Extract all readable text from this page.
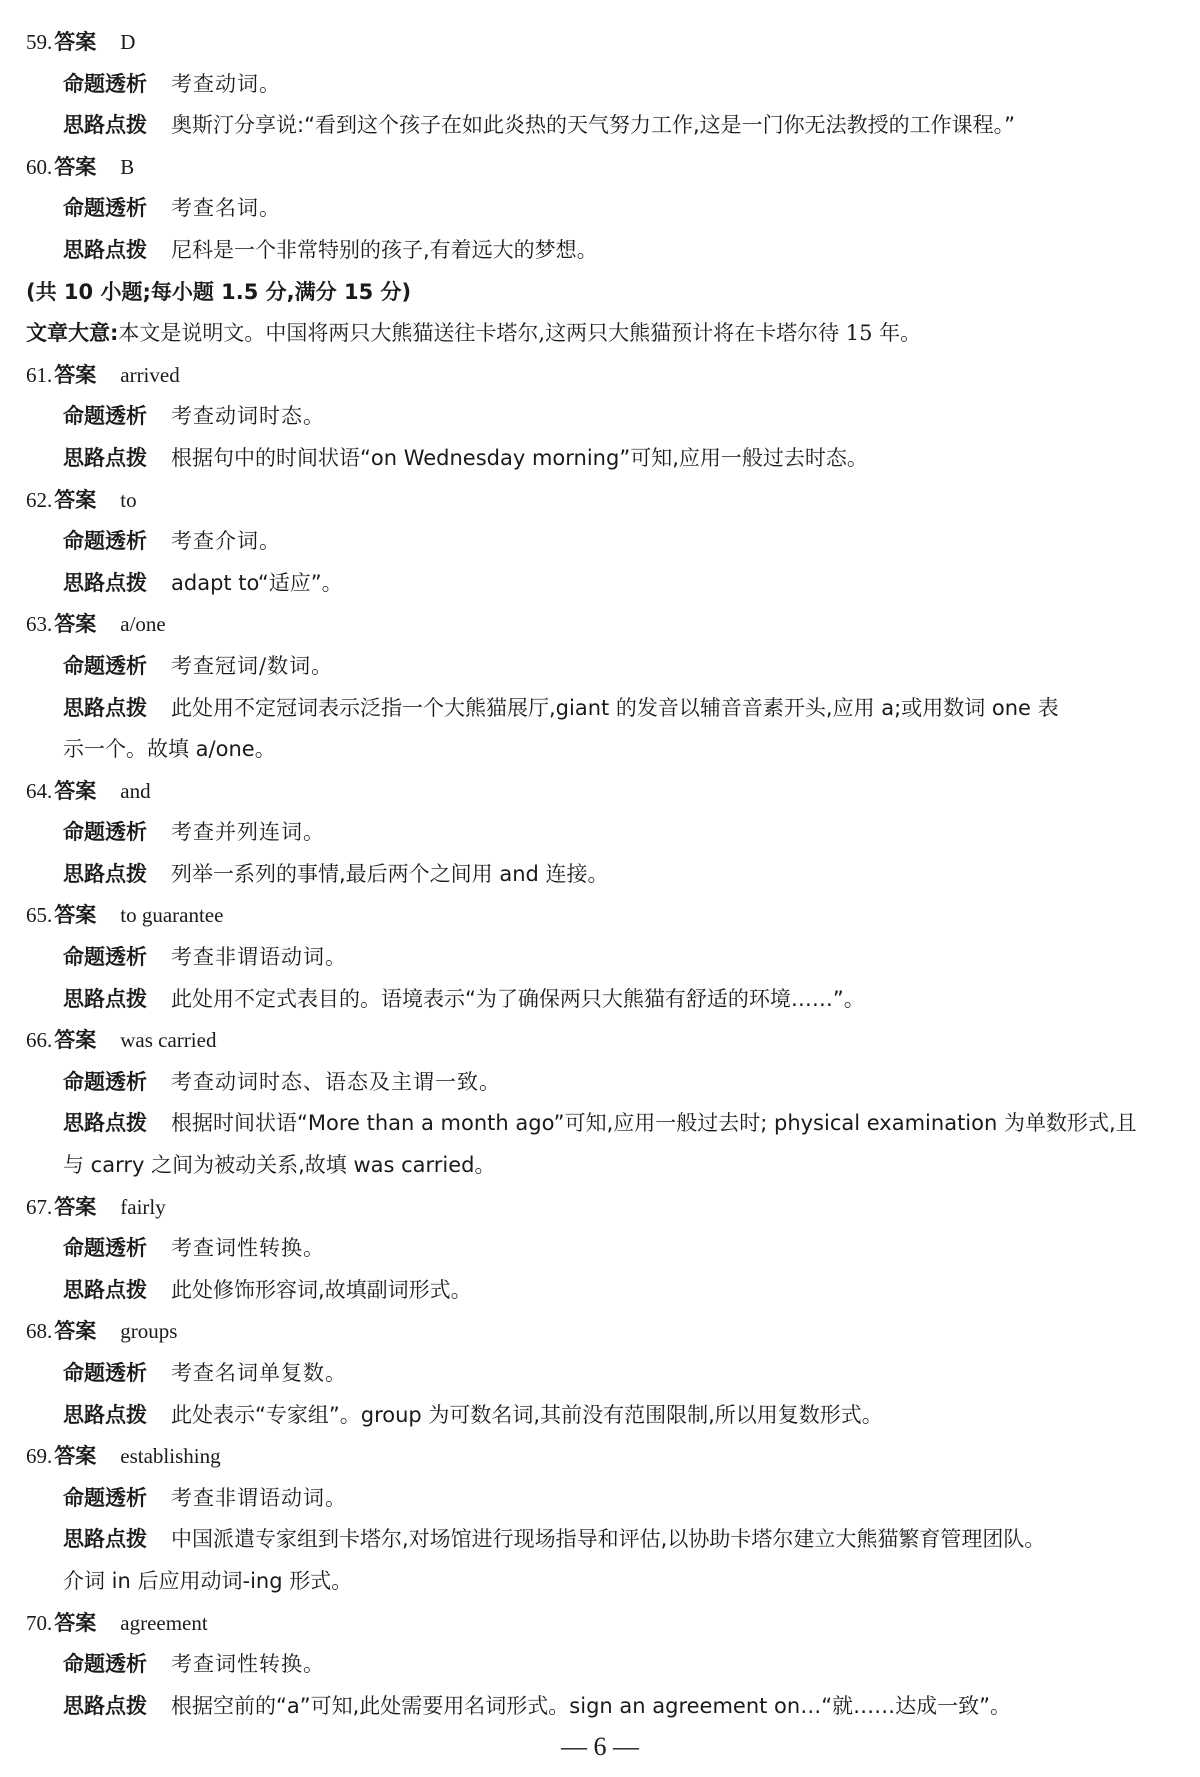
59.答案 D
命题透析 考查动词。
思路点拨 奥斯汀分享说:“看到这个孩子在如此炎热的天气努力工作,这是一门你无法教授的工作课程。”
60.答案 B
命题透析 考查名词。
思路点拨 尼科是一个非常特别的孩子,有着远大的梦想。
(共 10 小题;每小题 1.5 分,满分 15 分)
文章大意:本文是说明文。中国将两只大熊猫送往卡塔尔,这两只大熊猫预计将在卡塔尔待 15 年。
61.答案 arrived
命题透析 考查动词时态。
思路点拨 根据句中的时间状语“on Wednesday morning”可知,应用一般过去时态。
62.答案 to
命题透析 考查介词。
思路点拨 adapt to“适应”。
63.答案 a/one
命题透析 考查冠词/数词。
思路点拨 此处用不定冠词表示泛指一个大熊猫展厅,giant 的发音以辅音音素开头,应用 a;或用数词 one 表
示一个。故填 a/one。
64.答案 and
命题透析 考查并列连词。
思路点拨 列举一系列的事情,最后两个之间用 and 连接。
65.答案 to guarantee
命题透析 考查非谓语动词。
思路点拨 此处用不定式表目的。语境表示“为了确保两只大熊猫有舒适的环境……”。
66.答案 was carried
命题透析 考查动词时态、语态及主谓一致。
思路点拨 根据时间状语“More than a month ago”可知,应用一般过去时; physical examination 为单数形式,且
与 carry 之间为被动关系,故填 was carried。
67.答案 fairly
命题透析 考查词性转换。
思路点拨 此处修饰形容词,故填副词形式。
68.答案 groups
命题透析 考查名词单复数。
思路点拨 此处表示“专家组”。group 为可数名词,其前没有范围限制,所以用复数形式。
69.答案 establishing
命题透析 考查非谓语动词。
思路点拨 中国派遣专家组到卡塔尔,对场馆进行现场指导和评估,以协助卡塔尔建立大熊猫繁育管理团队。
介词 in 后应用动词-ing 形式。
70.答案 agreement
命题透析 考查词性转换。
思路点拨 根据空前的“a”可知,此处需要用名词形式。sign an agreement on…“就……达成一致”。
— 6 —
